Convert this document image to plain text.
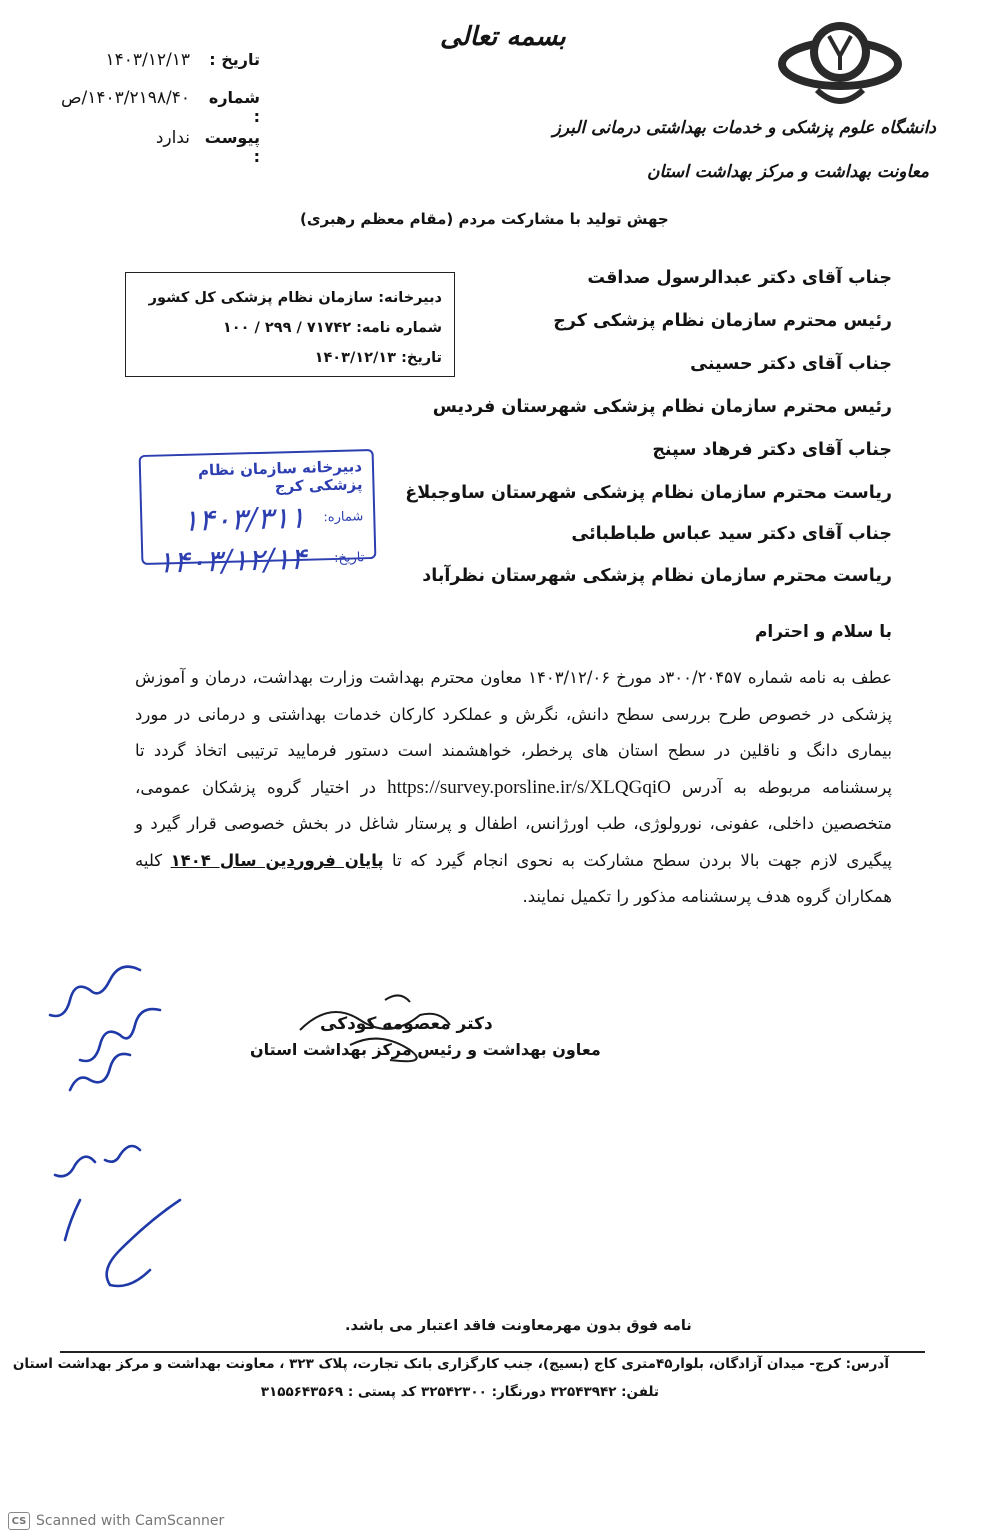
بسمه تعالی
دانشگاه علوم پزشکی و خدمات بهداشتی درمانی البرز
معاونت بهداشت و مرکز بهداشت استان
تاریخ :
۱۴۰۳/۱۲/۱۳
شماره :
۱۴۰۳/۲۱۹۸/۴۰/ص
پیوست :
ندارد
جهش تولید با مشارکت مردم (مقام معظم رهبری)
دبیرخانه: سازمان نظام پزشکی کل کشور
شماره نامه: ۷۱۷۴۲ / ۲۹۹ / ۱۰۰
تاریخ: ۱۴۰۳/۱۲/۱۳
دبیرخانه سازمان نظام پزشکی کرج
شماره:
۱۴۰۳/۳۱۱
تاریخ:
۱۴۰۳/۱۲/۱۴
جناب آقای دکتر عبدالرسول صداقت
رئیس محترم سازمان نظام پزشکی کرج
جناب آقای دکتر حسینی
رئیس محترم سازمان نظام پزشکی شهرستان فردیس
جناب آقای دکتر فرهاد سپنج
ریاست محترم سازمان نظام پزشکی شهرستان ساوجبلاغ
جناب آقای دکتر سید عباس طباطبائی
ریاست محترم سازمان نظام پزشکی شهرستان نظرآباد
با سلام و احترام
عطف به نامه شماره ۳۰۰/۲۰۴۵۷د مورخ ۱۴۰۳/۱۲/۰۶ معاون محترم بهداشت وزارت بهداشت، درمان و آموزش پزشکی در خصوص طرح بررسی سطح دانش، نگرش و عملکرد کارکان خدمات بهداشتی و درمانی در مورد بیماری دانگ و ناقلین در سطح استان های پرخطر، خواهشمند است دستور فرمایید ترتیبی اتخاذ گردد تا پرسشنامه مربوطه به آدرس https://survey.porsline.ir/s/XLQGqiO در اختیار گروه پزشکان عمومی، متخصصین داخلی، عفونی، نورولوژی، طب اورژانس، اطفال و پرستار شاغل در بخش خصوصی قرار گیرد و پیگیری لازم جهت بالا بردن سطح مشارکت به نحوی انجام گیرد که تا پایان فروردین سال ۱۴۰۴ کلیه همکاران گروه هدف پرسشنامه مذکور را تکمیل نمایند.
دکتر معصومه کودکی
معاون بهداشت و رئیس مرکز بهداشت استان
نامه فوق بدون مهرمعاونت فاقد اعتبار می باشد.
آدرس: کرج- میدان آزادگان، بلوار۴۵متری کاج (بسیج)، جنب کارگزاری بانک تجارت، پلاک ۳۲۳ ، معاونت بهداشت و مرکز بهداشت استان
تلفن: ۳۲۵۴۳۹۴۲ دورنگار: ۳۲۵۴۲۳۰۰ کد پستی : ۳۱۵۵۶۴۳۵۶۹
CS Scanned with CamScanner
